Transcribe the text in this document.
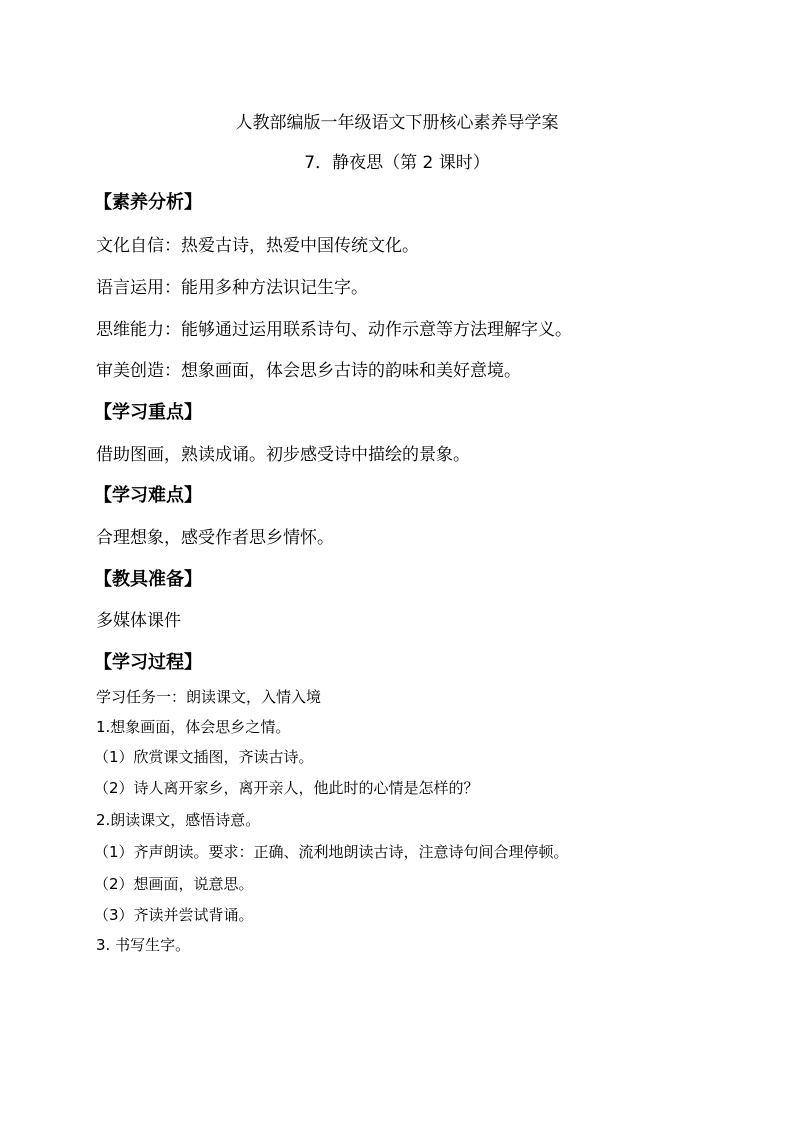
人教部编版一年级语文下册核心素养导学案
7．静夜思（第 2 课时）
【素养分析】
文化自信：热爱古诗，热爱中国传统文化。
语言运用：能用多种方法识记生字。
思维能力：能够通过运用联系诗句、动作示意等方法理解字义。
审美创造：想象画面，体会思乡古诗的韵味和美好意境。
【学习重点】
借助图画，熟读成诵。初步感受诗中描绘的景象。
【学习难点】
合理想象，感受作者思乡情怀。
【教具准备】
多媒体课件
【学习过程】
学习任务一：朗读课文，入情入境
1.想象画面，体会思乡之情。
（1）欣赏课文插图，齐读古诗。
（2）诗人离开家乡，离开亲人，他此时的心情是怎样的？
2.朗读课文，感悟诗意。
（1）齐声朗读。要求：正确、流利地朗读古诗，注意诗句间合理停顿。
（2）想画面，说意思。
（3）齐读并尝试背诵。
3. 书写生字。
